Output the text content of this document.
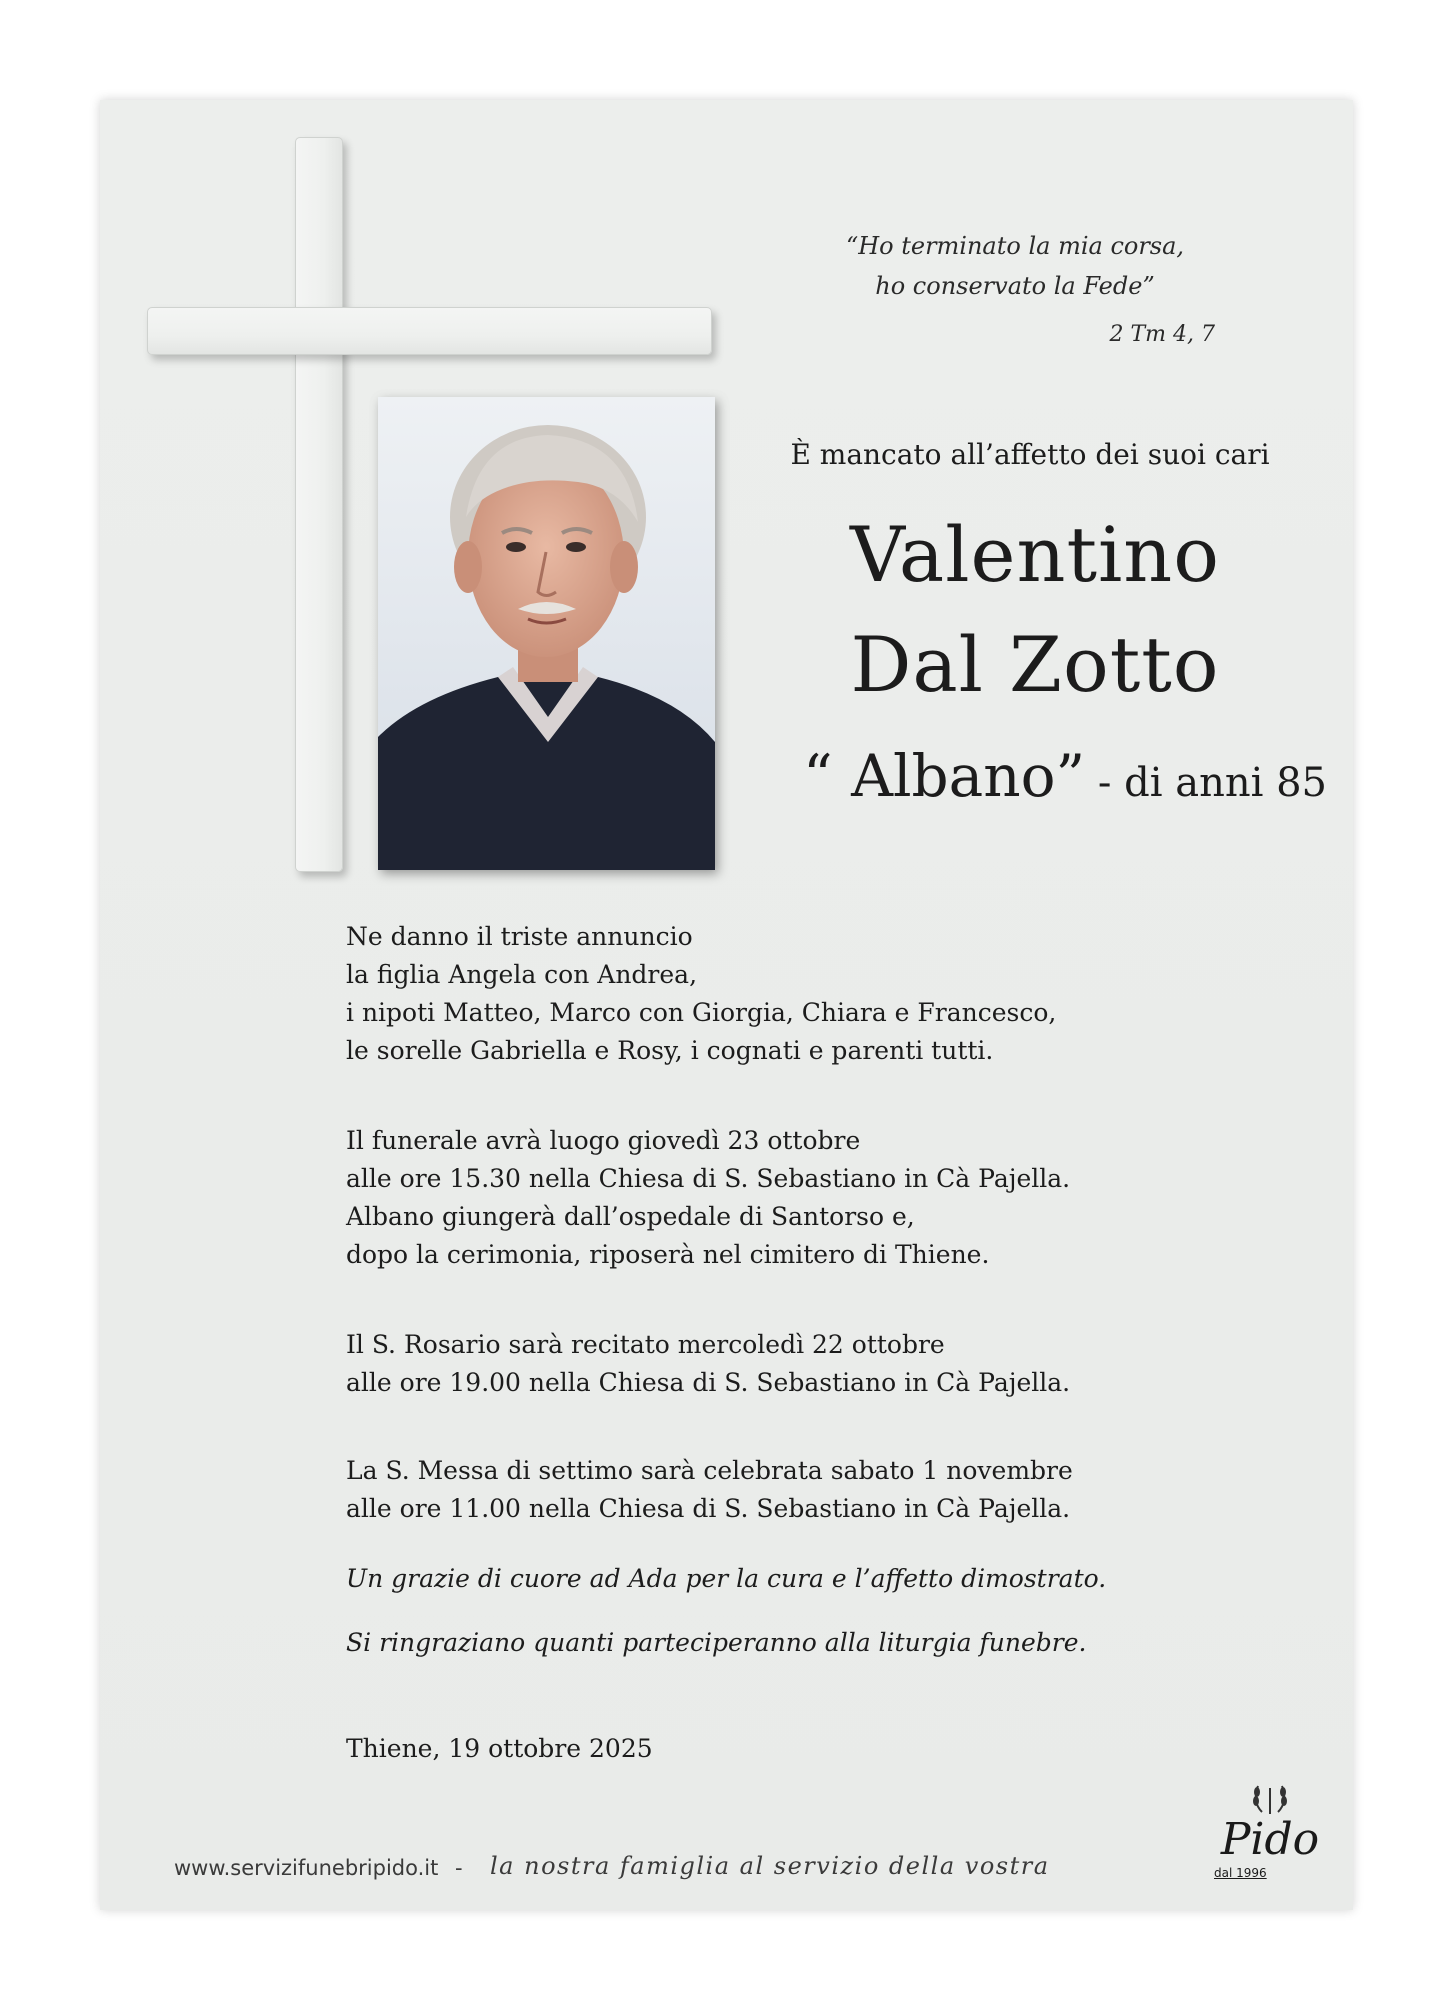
“Ho terminato la mia corsa,
ho conservato la Fede”
2 Tm 4, 7
È mancato all’affetto dei suoi cari
Valentino
Dal Zotto
“ Albano” - di anni 85

Ne danno il triste annuncio

la figlia Angela con Andrea,

i nipoti Matteo, Marco con Giorgia, Chiara e Francesco,

le sorelle Gabriella e Rosy, i cognati e parenti tutti.

Il funerale avrà luogo giovedì 23 ottobre

alle ore 15.30 nella Chiesa di S. Sebastiano in Cà Pajella.

Albano giungerà dall’ospedale di Santorso e,

dopo la cerimonia, riposerà nel cimitero di Thiene.

Il S. Rosario sarà recitato mercoledì 22 ottobre

alle ore 19.00 nella Chiesa di S. Sebastiano in Cà Pajella.

La S. Messa di settimo sarà celebrata sabato 1 novembre

alle ore 11.00 nella Chiesa di S. Sebastiano in Cà Pajella.

Un grazie di cuore ad Ada per la cura e l’affetto dimostrato.
Si ringraziano quanti parteciperanno alla liturgia funebre.
Thiene, 19 ottobre 2025
www.servizifunebripido.it - la nostra famiglia al servizio della vostra
Pido
dal 1996
